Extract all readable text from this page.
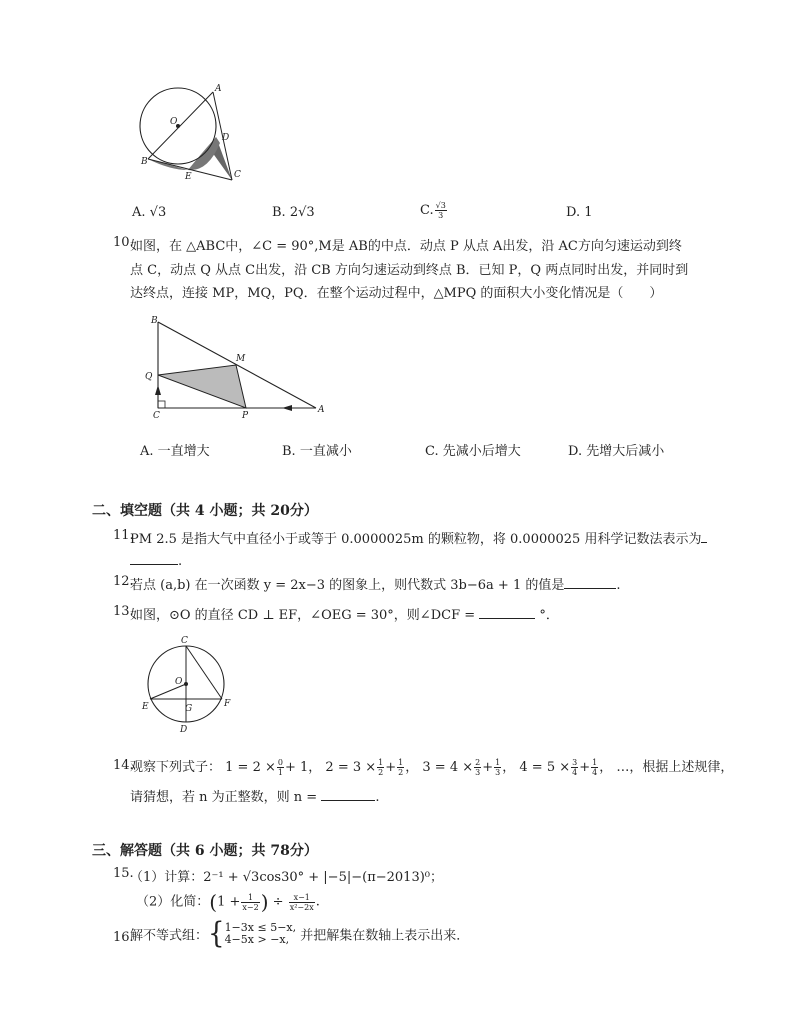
A
O
D
B
E	C
A. √3	B. 2√3	C. $\frac{√3}{3}$	D. 1
10.
如图，在 △ABC中，∠C = 90°,M是 AB的中点．动点 P 从点 A出发，沿 AC方向匀速运动到终
点 C，动点 Q 从点 C出发，沿 CB 方向匀速运动到终点 B．已知 P，Q 两点同时出发，并同时到
达终点，连接 MP，MQ，PQ．在整个运动过程中，△MPQ 的面积大小变化情况是（　　）
B
M
Q
C	P
A
A. 一直增大	B. 一直减小	C. 先减小后增大	D. 先增大后减小
二、填空题（共 4 小题；共 20分）
11.
PM 2.5 是指大气中直径小于或等于 0.0000025m 的颗粒物，将 0.0000025 用科学记数法表示为
.
12.
若点 (a,b) 在一次函数 y = 2x−3 的图象上，则代数式 3b−6a + 1 的值是	.
13.
如图，⊙O 的直径 CD ⊥ EF，∠OEG = 30°，则∠DCF =	°．
C
O
E	G	F
D
14.
观察下列式子： $1 = 2 \times \frac{0}{1} + 1$， $2 = 3 \times \frac{1}{2} + \frac{1}{2}$ ， $3 = 4 \times \frac{2}{3} + \frac{1}{3}$ ， $4 = 5 \times \frac{3}{4} + \frac{1}{4}$ ， …，根据上述规律，
请猜想，若 n 为正整数，则 n =	.
三、解答题（共 6 小题；共 78分）
15.
（1）计算：2⁻¹ + √3cos30° + |−5|−(π−2013)⁰；
（2）化简：($1 + \frac{1}{x-2}$ ) ÷ $\frac{x-1}{\text{x²−2x}}$ .
16.
解不等式组：{ 1−3x ≤ 5−x,
4−5x > −x, 并把解集在数轴上表示出来．
